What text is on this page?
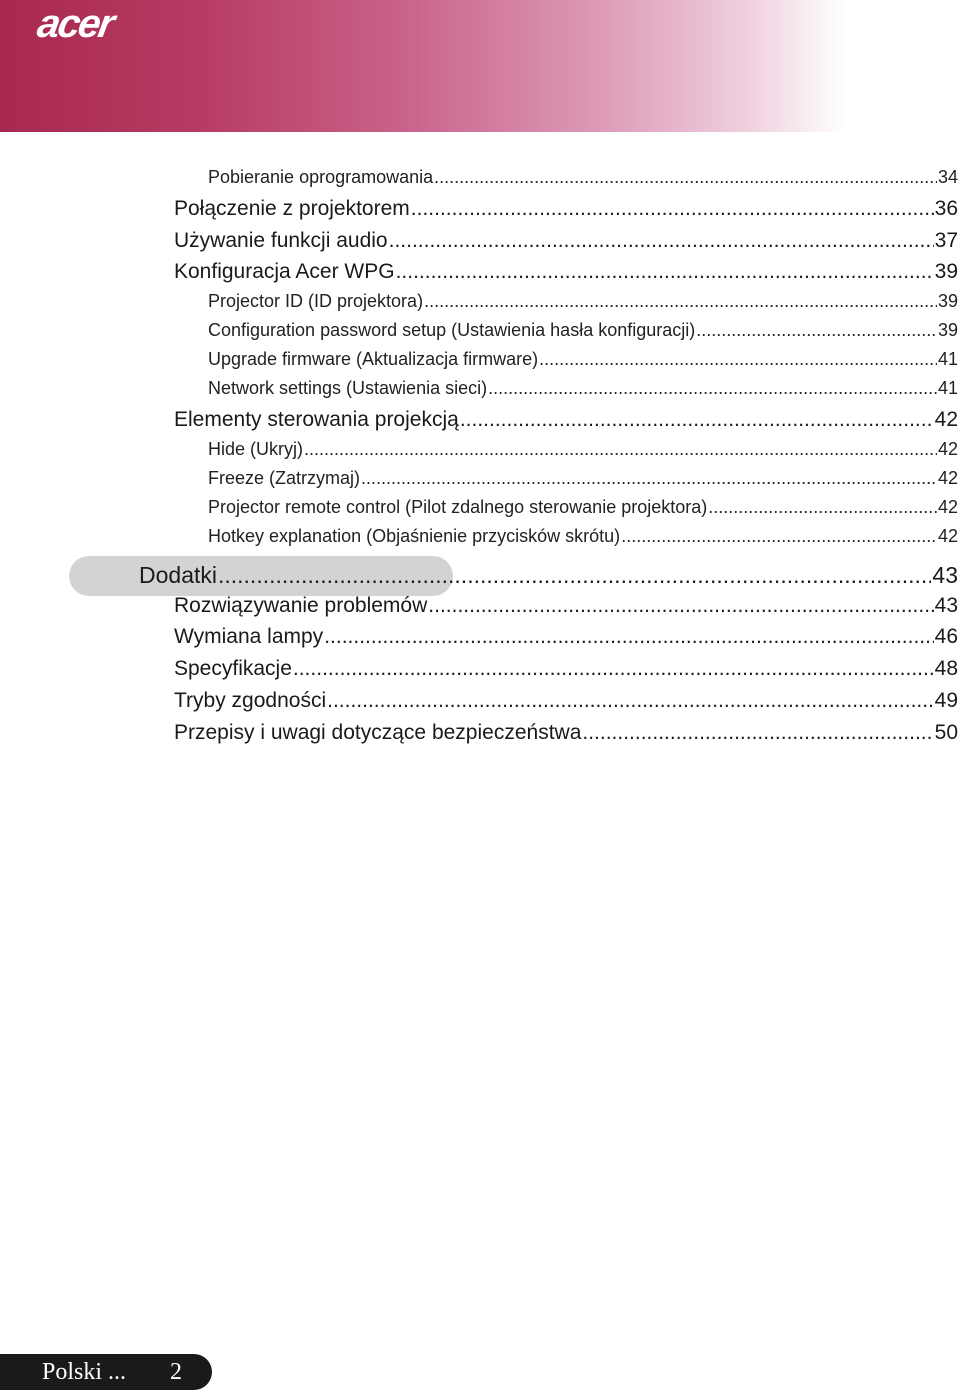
acer
Pobieranie oprogramowania .....	34
Połączenie z projektorem .....	36
Używanie funkcji audio .....	37
Konfiguracja Acer WPG .....	39
Projector ID (ID projektora) .....	39
Configuration password setup (Ustawienia hasła konfiguracji) .....	39
Upgrade firmware (Aktualizacja firmware) .....	41
Network settings (Ustawienia sieci) .....	41
Elementy sterowania projekcją .....	42
Hide (Ukryj) .....	42
Freeze (Zatrzymaj) .....	42
Projector remote control (Pilot zdalnego sterowanie projektora) .....	42
Hotkey explanation (Objaśnienie przycisków skrótu) .....	42
Dodatki .....	43
Rozwiązywanie problemów .....	43
Wymiana lampy .....	46
Specyfikacje .....	48
Tryby zgodności .....	49
Przepisy i uwagi dotyczące bezpieczeństwa .....	50
Polski ... 2
